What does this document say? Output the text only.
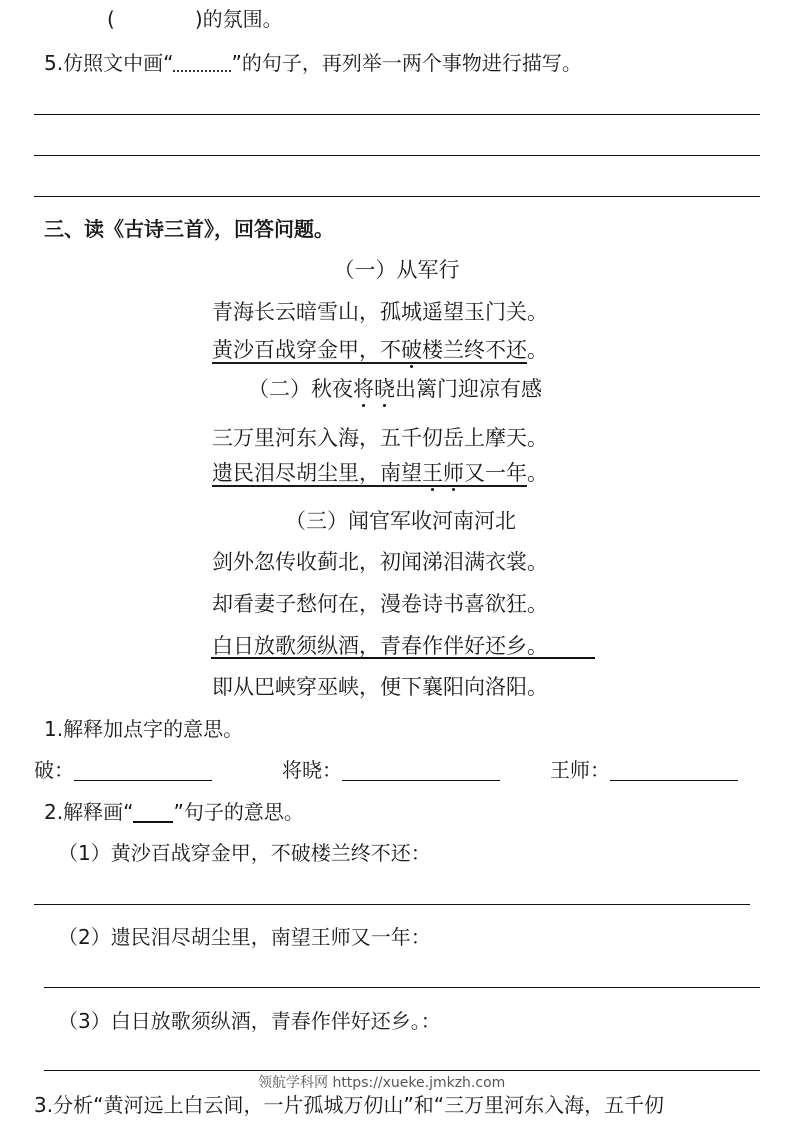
(	)的氛围。
5.仿照文中画“	”的句子，再列举一两个事物进行描写。
三、读《古诗三首》，回答问题。
（一）从军行
青海长云暗雪山，孤城遥望玉门关。
黄沙百战穿金甲，不破楼兰终不还。
（二）秋夜将晓出篱门迎凉有感
三万里河东入海，五千仞岳上摩天。
遗民泪尽胡尘里，南望王师又一年。
（三）闻官军收河南河北
剑外忽传收蓟北，初闻涕泪满衣裳。
却看妻子愁何在，漫卷诗书喜欲狂。
白日放歌须纵酒，青春作伴好还乡。
即从巴峡穿巫峡，便下襄阳向洛阳。
1.解释加点字的意思。
破：	将晓：	王师：
2.解释画“ ”句子的意思。
（1）黄沙百战穿金甲，不破楼兰终不还：
（2）遗民泪尽胡尘里，南望王师又一年：
（3）白日放歌须纵酒，青春作伴好还乡。：
领航学科网 https://xueke.jmkzh.com
3.分析“黄河远上白云间，一片孤城万仞山”和“三万里河东入海，五千仞
